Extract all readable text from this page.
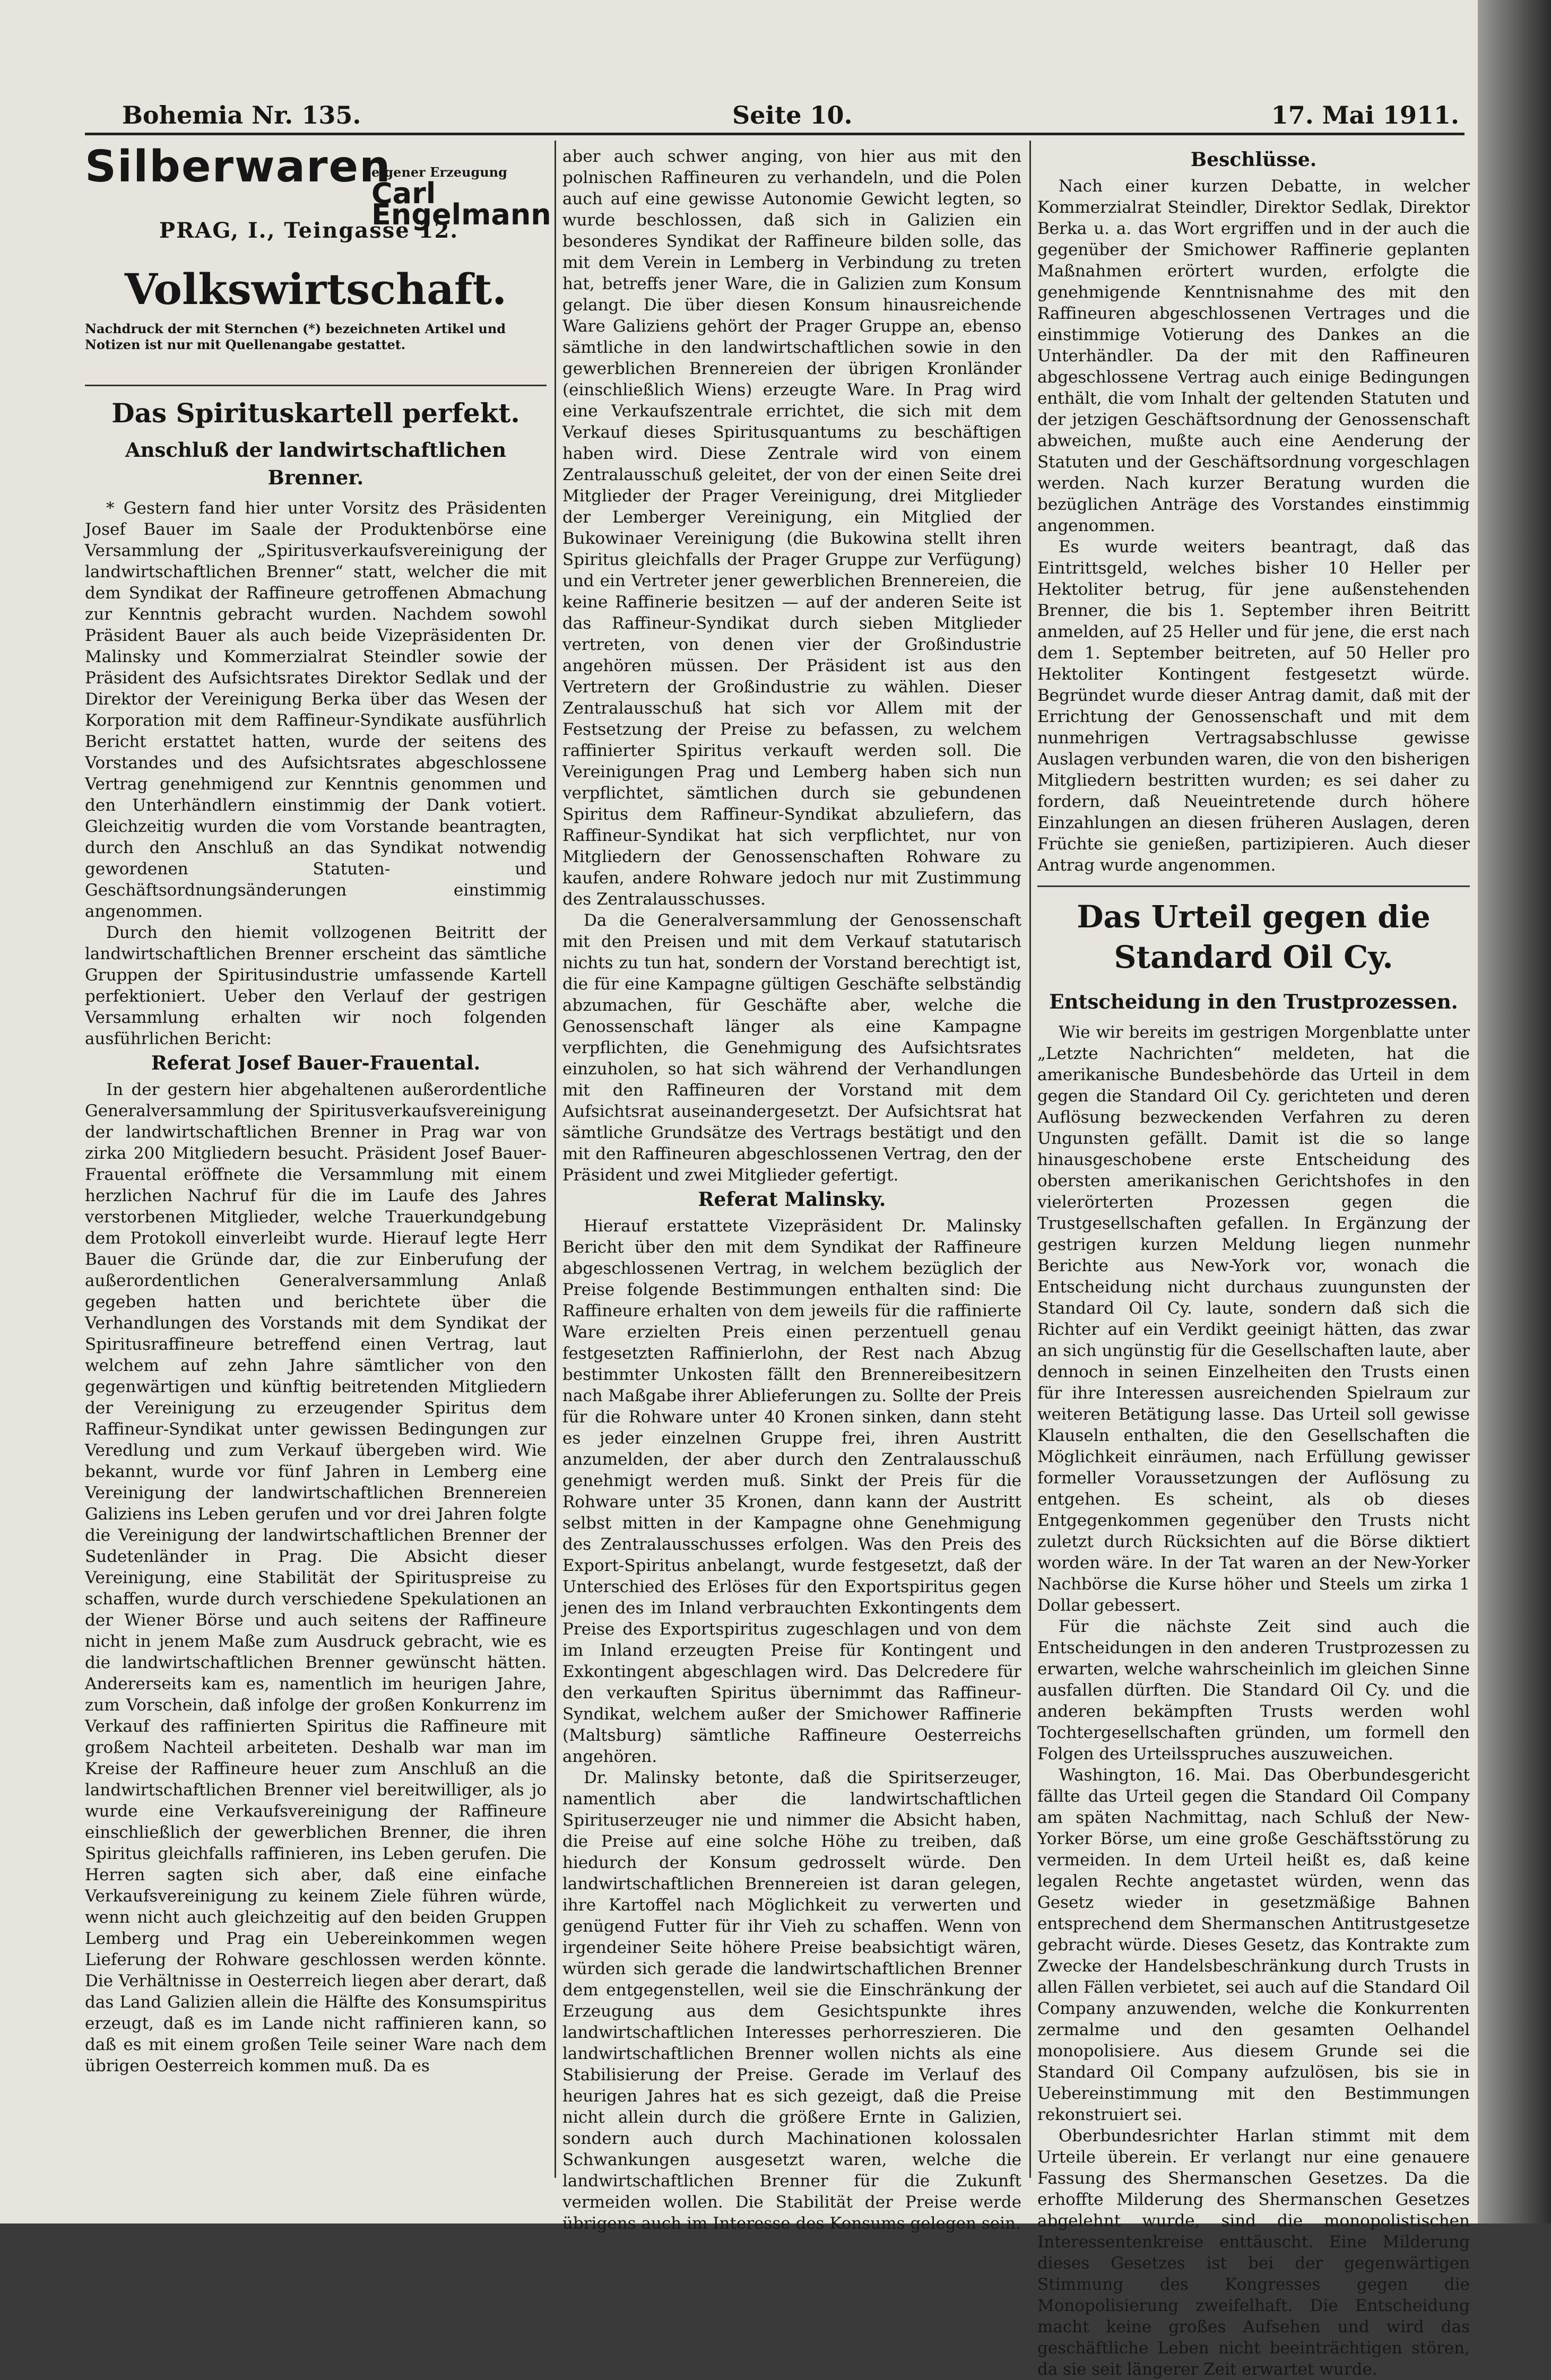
Bohemia Nr. 135.	Seite 10.	17. Mai 1911.
Silberwaren
eigener Erzeugung
Carl Engelmann
PRAG, I., Teingasse 12.
Volkswirtschaft.
Nachdruck der mit Sternchen (*) bezeichneten Artikel und Notizen ist nur mit Quellenangabe gestattet.
Das Spirituskartell perfekt.
Anschluß der landwirtschaftlichen Brenner.

* Gestern fand hier unter Vorsitz des Präsidenten Josef Bauer im Saale der Produktenbörse eine Versammlung der „Spiritusverkaufsvereinigung der landwirtschaftlichen Brenner“ statt, welcher die mit dem Syndikat der Raffineure getroffenen Abmachung zur Kenntnis gebracht wurden. Nachdem sowohl Präsident Bauer als auch beide Vizepräsidenten Dr. Malinsky und Kommerzialrat Steindler sowie der Präsident des Aufsichtsrates Direktor Sedlak und der Direktor der Vereinigung Berka über das Wesen der Korporation mit dem Raffineur-Syndikate ausführlich Bericht erstattet hatten, wurde der seitens des Vorstandes und des Aufsichtsrates abgeschlossene Vertrag genehmigend zur Kenntnis genommen und den Unterhändlern einstimmig der Dank votiert. Gleichzeitig wurden die vom Vorstande beantragten, durch den Anschluß an das Syndikat notwendig gewordenen Statuten- und Geschäftsordnungsänderungen einstimmig angenommen.

Durch den hiemit vollzogenen Beitritt der landwirtschaftlichen Brenner erscheint das sämtliche Gruppen der Spiritusindustrie umfassende Kartell perfektioniert. Ueber den Verlauf der gestrigen Versammlung erhalten wir noch folgenden ausführlichen Bericht:

Referat Josef Bauer-Frauental.

In der gestern hier abgehaltenen außerordentliche Generalversammlung der Spiritusverkaufsvereinigung der landwirtschaftlichen Brenner in Prag war von zirka 200 Mitgliedern besucht. Präsident Josef Bauer-Frauental eröffnete die Versammlung mit einem herzlichen Nachruf für die im Laufe des Jahres verstorbenen Mitglieder, welche Trauerkundgebung dem Protokoll einverleibt wurde. Hierauf legte Herr Bauer die Gründe dar, die zur Einberufung der außerordentlichen Generalversammlung Anlaß gegeben hatten und berichtete über die Verhandlungen des Vorstands mit dem Syndikat der Spiritusraffineure betreffend einen Vertrag, laut welchem auf zehn Jahre sämtlicher von den gegenwärtigen und künftig beitretenden Mitgliedern der Vereinigung zu erzeugender Spiritus dem Raffineur-Syndikat unter gewissen Bedingungen zur Veredlung und zum Verkauf übergeben wird. Wie bekannt, wurde vor fünf Jahren in Lemberg eine Vereinigung der landwirtschaftlichen Brennereien Galiziens ins Leben gerufen und vor drei Jahren folgte die Vereinigung der landwirtschaftlichen Brenner der Sudetenländer in Prag. Die Absicht dieser Vereinigung, eine Stabilität der Spirituspreise zu schaffen, wurde durch verschiedene Spekulationen an der Wiener Börse und auch seitens der Raffineure nicht in jenem Maße zum Ausdruck gebracht, wie es die landwirtschaftlichen Brenner gewünscht hätten. Andererseits kam es, namentlich im heurigen Jahre, zum Vorschein, daß infolge der großen Konkurrenz im Verkauf des raffinierten Spiritus die Raffineure mit großem Nachteil arbeiteten. Deshalb war man im Kreise der Raffineure heuer zum Anschluß an die landwirtschaftlichen Brenner viel bereitwilliger, als jo wurde eine Verkaufsvereinigung der Raffineure einschließlich der gewerblichen Brenner, die ihren Spiritus gleichfalls raffinieren, ins Leben gerufen. Die Herren sagten sich aber, daß eine einfache Verkaufsvereinigung zu keinem Ziele führen würde, wenn nicht auch gleichzeitig auf den beiden Gruppen Lemberg und Prag ein Uebereinkommen wegen Lieferung der Rohware geschlossen werden könnte. Die Verhältnisse in Oesterreich liegen aber derart, daß das Land Galizien allein die Hälfte des Konsumspiritus erzeugt, daß es im Lande nicht raffinieren kann, so daß es mit einem großen Teile seiner Ware nach dem übrigen Oesterreich kommen muß. Da es

aber auch schwer anging, von hier aus mit den polnischen Raffineuren zu verhandeln, und die Polen auch auf eine gewisse Autonomie Gewicht legten, so wurde beschlossen, daß sich in Galizien ein besonderes Syndikat der Raffineure bilden solle, das mit dem Verein in Lemberg in Verbindung zu treten hat, betreffs jener Ware, die in Galizien zum Konsum gelangt. Die über diesen Konsum hinausreichende Ware Galiziens gehört der Prager Gruppe an, ebenso sämtliche in den landwirtschaftlichen sowie in den gewerblichen Brennereien der übrigen Kronländer (einschließlich Wiens) erzeugte Ware. In Prag wird eine Verkaufszentrale errichtet, die sich mit dem Verkauf dieses Spiritusquantums zu beschäftigen haben wird. Diese Zentrale wird von einem Zentralausschuß geleitet, der von der einen Seite drei Mitglieder der Prager Vereinigung, drei Mitglieder der Lemberger Vereinigung, ein Mitglied der Bukowinaer Vereinigung (die Bukowina stellt ihren Spiritus gleichfalls der Prager Gruppe zur Verfügung) und ein Vertreter jener gewerblichen Brennereien, die keine Raffinerie besitzen — auf der anderen Seite ist das Raffineur-Syndikat durch sieben Mitglieder vertreten, von denen vier der Großindustrie angehören müssen. Der Präsident ist aus den Vertretern der Großindustrie zu wählen. Dieser Zentralausschuß hat sich vor Allem mit der Festsetzung der Preise zu befassen, zu welchem raffinierter Spiritus verkauft werden soll. Die Vereinigungen Prag und Lemberg haben sich nun verpflichtet, sämtlichen durch sie gebundenen Spiritus dem Raffineur-Syndikat abzuliefern, das Raffineur-Syndikat hat sich verpflichtet, nur von Mitgliedern der Genossenschaften Rohware zu kaufen, andere Rohware jedoch nur mit Zustimmung des Zentralausschusses.

Da die Generalversammlung der Genossenschaft mit den Preisen und mit dem Verkauf statutarisch nichts zu tun hat, sondern der Vorstand berechtigt ist, die für eine Kampagne gültigen Geschäfte selbständig abzumachen, für Geschäfte aber, welche die Genossenschaft länger als eine Kampagne verpflichten, die Genehmigung des Aufsichtsrates einzuholen, so hat sich während der Verhandlungen mit den Raffineuren der Vorstand mit dem Aufsichtsrat auseinandergesetzt. Der Aufsichtsrat hat sämtliche Grundsätze des Vertrags bestätigt und den mit den Raffineuren abgeschlossenen Vertrag, den der Präsident und zwei Mitglieder gefertigt.

Referat Malinsky.

Hierauf erstattete Vizepräsident Dr. Malinsky Bericht über den mit dem Syndikat der Raffineure abgeschlossenen Vertrag, in welchem bezüglich der Preise folgende Bestimmungen enthalten sind: Die Raffineure erhalten von dem jeweils für die raffinierte Ware erzielten Preis einen perzentuell genau festgesetzten Raffinierlohn, der Rest nach Abzug bestimmter Unkosten fällt den Brennereibesitzern nach Maßgabe ihrer Ablieferungen zu. Sollte der Preis für die Rohware unter 40 Kronen sinken, dann steht es jeder einzelnen Gruppe frei, ihren Austritt anzumelden, der aber durch den Zentralausschuß genehmigt werden muß. Sinkt der Preis für die Rohware unter 35 Kronen, dann kann der Austritt selbst mitten in der Kampagne ohne Genehmigung des Zentralausschusses erfolgen. Was den Preis des Export-Spiritus anbelangt, wurde festgesetzt, daß der Unterschied des Erlöses für den Exportspiritus gegen jenen des im Inland verbrauchten Exkontingents dem Preise des Exportspiritus zugeschlagen und von dem im Inland erzeugten Preise für Kontingent und Exkontingent abgeschlagen wird. Das Delcredere für den verkauften Spiritus übernimmt das Raffineur-Syndikat, welchem außer der Smichower Raffinerie (Maltsburg) sämtliche Raffineure Oesterreichs angehören.

Dr. Malinsky betonte, daß die Spiritserzeuger, namentlich aber die landwirtschaftlichen Spirituserzeuger nie und nimmer die Absicht haben, die Preise auf eine solche Höhe zu treiben, daß hiedurch der Konsum gedrosselt würde. Den landwirtschaftlichen Brennereien ist daran gelegen, ihre Kartoffel nach Möglichkeit zu verwerten und genügend Futter für ihr Vieh zu schaffen. Wenn von irgendeiner Seite höhere Preise beabsichtigt wären, würden sich gerade die landwirtschaftlichen Brenner dem entgegenstellen, weil sie die Einschränkung der Erzeugung aus dem Gesichtspunkte ihres landwirtschaftlichen Interesses perhorreszieren. Die landwirtschaftlichen Brenner wollen nichts als eine Stabilisierung der Preise. Gerade im Verlauf des heurigen Jahres hat es sich gezeigt, daß die Preise nicht allein durch die größere Ernte in Galizien, sondern auch durch Machinationen kolossalen Schwankungen ausgesetzt waren, welche die landwirtschaftlichen Brenner für die Zukunft vermeiden wollen. Die Stabilität der Preise werde übrigens auch im Interesse des Konsums gelegen sein.

Beschlüsse.

Nach einer kurzen Debatte, in welcher Kommerzialrat Steindler, Direktor Sedlak, Direktor Berka u. a. das Wort ergriffen und in der auch die gegenüber der Smichower Raffinerie geplanten Maßnahmen erörtert wurden, erfolgte die genehmigende Kenntnisnahme des mit den Raffineuren abgeschlossenen Vertrages und die einstimmige Votierung des Dankes an die Unterhändler. Da der mit den Raffineuren abgeschlossene Vertrag auch einige Bedingungen enthält, die vom Inhalt der geltenden Statuten und der jetzigen Geschäftsordnung der Genossenschaft abweichen, mußte auch eine Aenderung der Statuten und der Geschäftsordnung vorgeschlagen werden. Nach kurzer Beratung wurden die bezüglichen Anträge des Vorstandes einstimmig angenommen.

Es wurde weiters beantragt, daß das Eintrittsgeld, welches bisher 10 Heller per Hektoliter betrug, für jene außenstehenden Brenner, die bis 1. September ihren Beitritt anmelden, auf 25 Heller und für jene, die erst nach dem 1. September beitreten, auf 50 Heller pro Hektoliter Kontingent festgesetzt würde. Begründet wurde dieser Antrag damit, daß mit der Errichtung der Genossenschaft und mit dem nunmehrigen Vertragsabschlusse gewisse Auslagen verbunden waren, die von den bisherigen Mitgliedern bestritten wurden; es sei daher zu fordern, daß Neueintretende durch höhere Einzahlungen an diesen früheren Auslagen, deren Früchte sie genießen, partizipieren. Auch dieser Antrag wurde angenommen.

Das Urteil gegen die Standard Oil Cy.
Entscheidung in den Trustprozessen.

Wie wir bereits im gestrigen Morgenblatte unter „Letzte Nachrichten“ meldeten, hat die amerikanische Bundesbehörde das Urteil in dem gegen die Standard Oil Cy. gerichteten und deren Auflösung bezweckenden Verfahren zu deren Ungunsten gefällt. Damit ist die so lange hinausgeschobene erste Entscheidung des obersten amerikanischen Gerichtshofes in den vielerörterten Prozessen gegen die Trustgesellschaften gefallen. In Ergänzung der gestrigen kurzen Meldung liegen nunmehr Berichte aus New-York vor, wonach die Entscheidung nicht durchaus zuungunsten der Standard Oil Cy. laute, sondern daß sich die Richter auf ein Verdikt geeinigt hätten, das zwar an sich ungünstig für die Gesellschaften laute, aber dennoch in seinen Einzelheiten den Trusts einen für ihre Interessen ausreichenden Spielraum zur weiteren Betätigung lasse. Das Urteil soll gewisse Klauseln enthalten, die den Gesellschaften die Möglichkeit einräumen, nach Erfüllung gewisser formeller Voraussetzungen der Auflösung zu entgehen. Es scheint, als ob dieses Entgegenkommen gegenüber den Trusts nicht zuletzt durch Rücksichten auf die Börse diktiert worden wäre. In der Tat waren an der New-Yorker Nachbörse die Kurse höher und Steels um zirka 1 Dollar gebessert.

Für die nächste Zeit sind auch die Entscheidungen in den anderen Trustprozessen zu erwarten, welche wahrscheinlich im gleichen Sinne ausfallen dürften. Die Standard Oil Cy. und die anderen bekämpften Trusts werden wohl Tochtergesellschaften gründen, um formell den Folgen des Urteilsspruches auszuweichen.

Washington, 16. Mai. Das Oberbundesgericht fällte das Urteil gegen die Standard Oil Company am späten Nachmittag, nach Schluß der New-Yorker Börse, um eine große Geschäftsstörung zu vermeiden. In dem Urteil heißt es, daß keine legalen Rechte angetastet würden, wenn das Gesetz wieder in gesetzmäßige Bahnen entsprechend dem Shermanschen Antitrustgesetze gebracht würde. Dieses Gesetz, das Kontrakte zum Zwecke der Handelsbeschränkung durch Trusts in allen Fällen verbietet, sei auch auf die Standard Oil Company anzuwenden, welche die Konkurrenten zermalme und den gesamten Oelhandel monopolisiere. Aus diesem Grunde sei die Standard Oil Company aufzulösen, bis sie in Uebereinstimmung mit den Bestimmungen rekonstruiert sei.

Oberbundesrichter Harlan stimmt mit dem Urteile überein. Er verlangt nur eine genauere Fassung des Shermanschen Gesetzes. Da die erhoffte Milderung des Shermanschen Gesetzes abgelehnt wurde, sind die monopolistischen Interessentenkreise enttäuscht. Eine Milderung dieses Gesetzes ist bei der gegenwärtigen Stimmung des Kongresses gegen die Monopolisierung zweifelhaft. Die Entscheidung macht keine großes Aufsehen und wird das geschäftliche Leben nicht beeinträchtigen stören, da sie seit längerer Zeit erwartet wurde.
